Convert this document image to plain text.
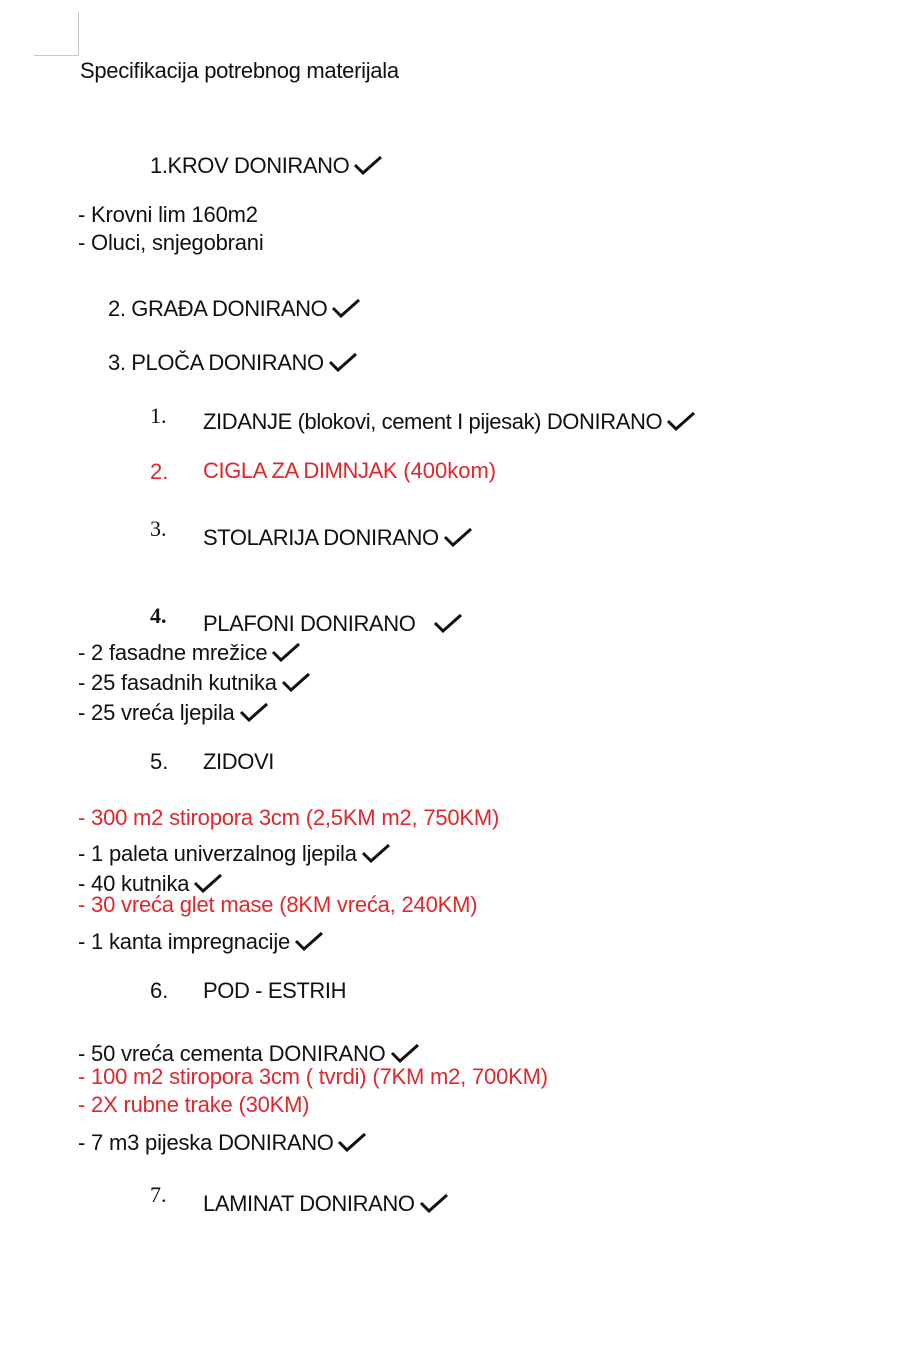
Specifikacija potrebnog materijala
1.KROV DONIRANO
- Krovni lim 160m2
- Oluci, snjegobrani
2. GRAĐA DONIRANO
3. PLOČA DONIRANO
1. ZIDANJE (blokovi, cement I pijesak) DONIRANO
2. CIGLA ZA DIMNJAK (400kom)
3. STOLARIJA DONIRANO
4. PLAFONI DONIRANO
- 2 fasadne mrežice
- 25 fasadnih kutnika
- 25 vreća ljepila
5. ZIDOVI
- 300 m2 stiropora 3cm (2,5KM m2, 750KM)
- 1 paleta univerzalnog ljepila
- 40 kutnika
- 30 vreća glet mase (8KM vreća, 240KM)
- 1 kanta impregnacije
6. POD - ESTRIH
- 50 vreća cementa DONIRANO
- 100 m2 stiropora 3cm ( tvrdi) (7KM m2, 700KM)
- 2X rubne trake (30KM)
- 7 m3 pijeska DONIRANO
7. LAMINAT DONIRANO
